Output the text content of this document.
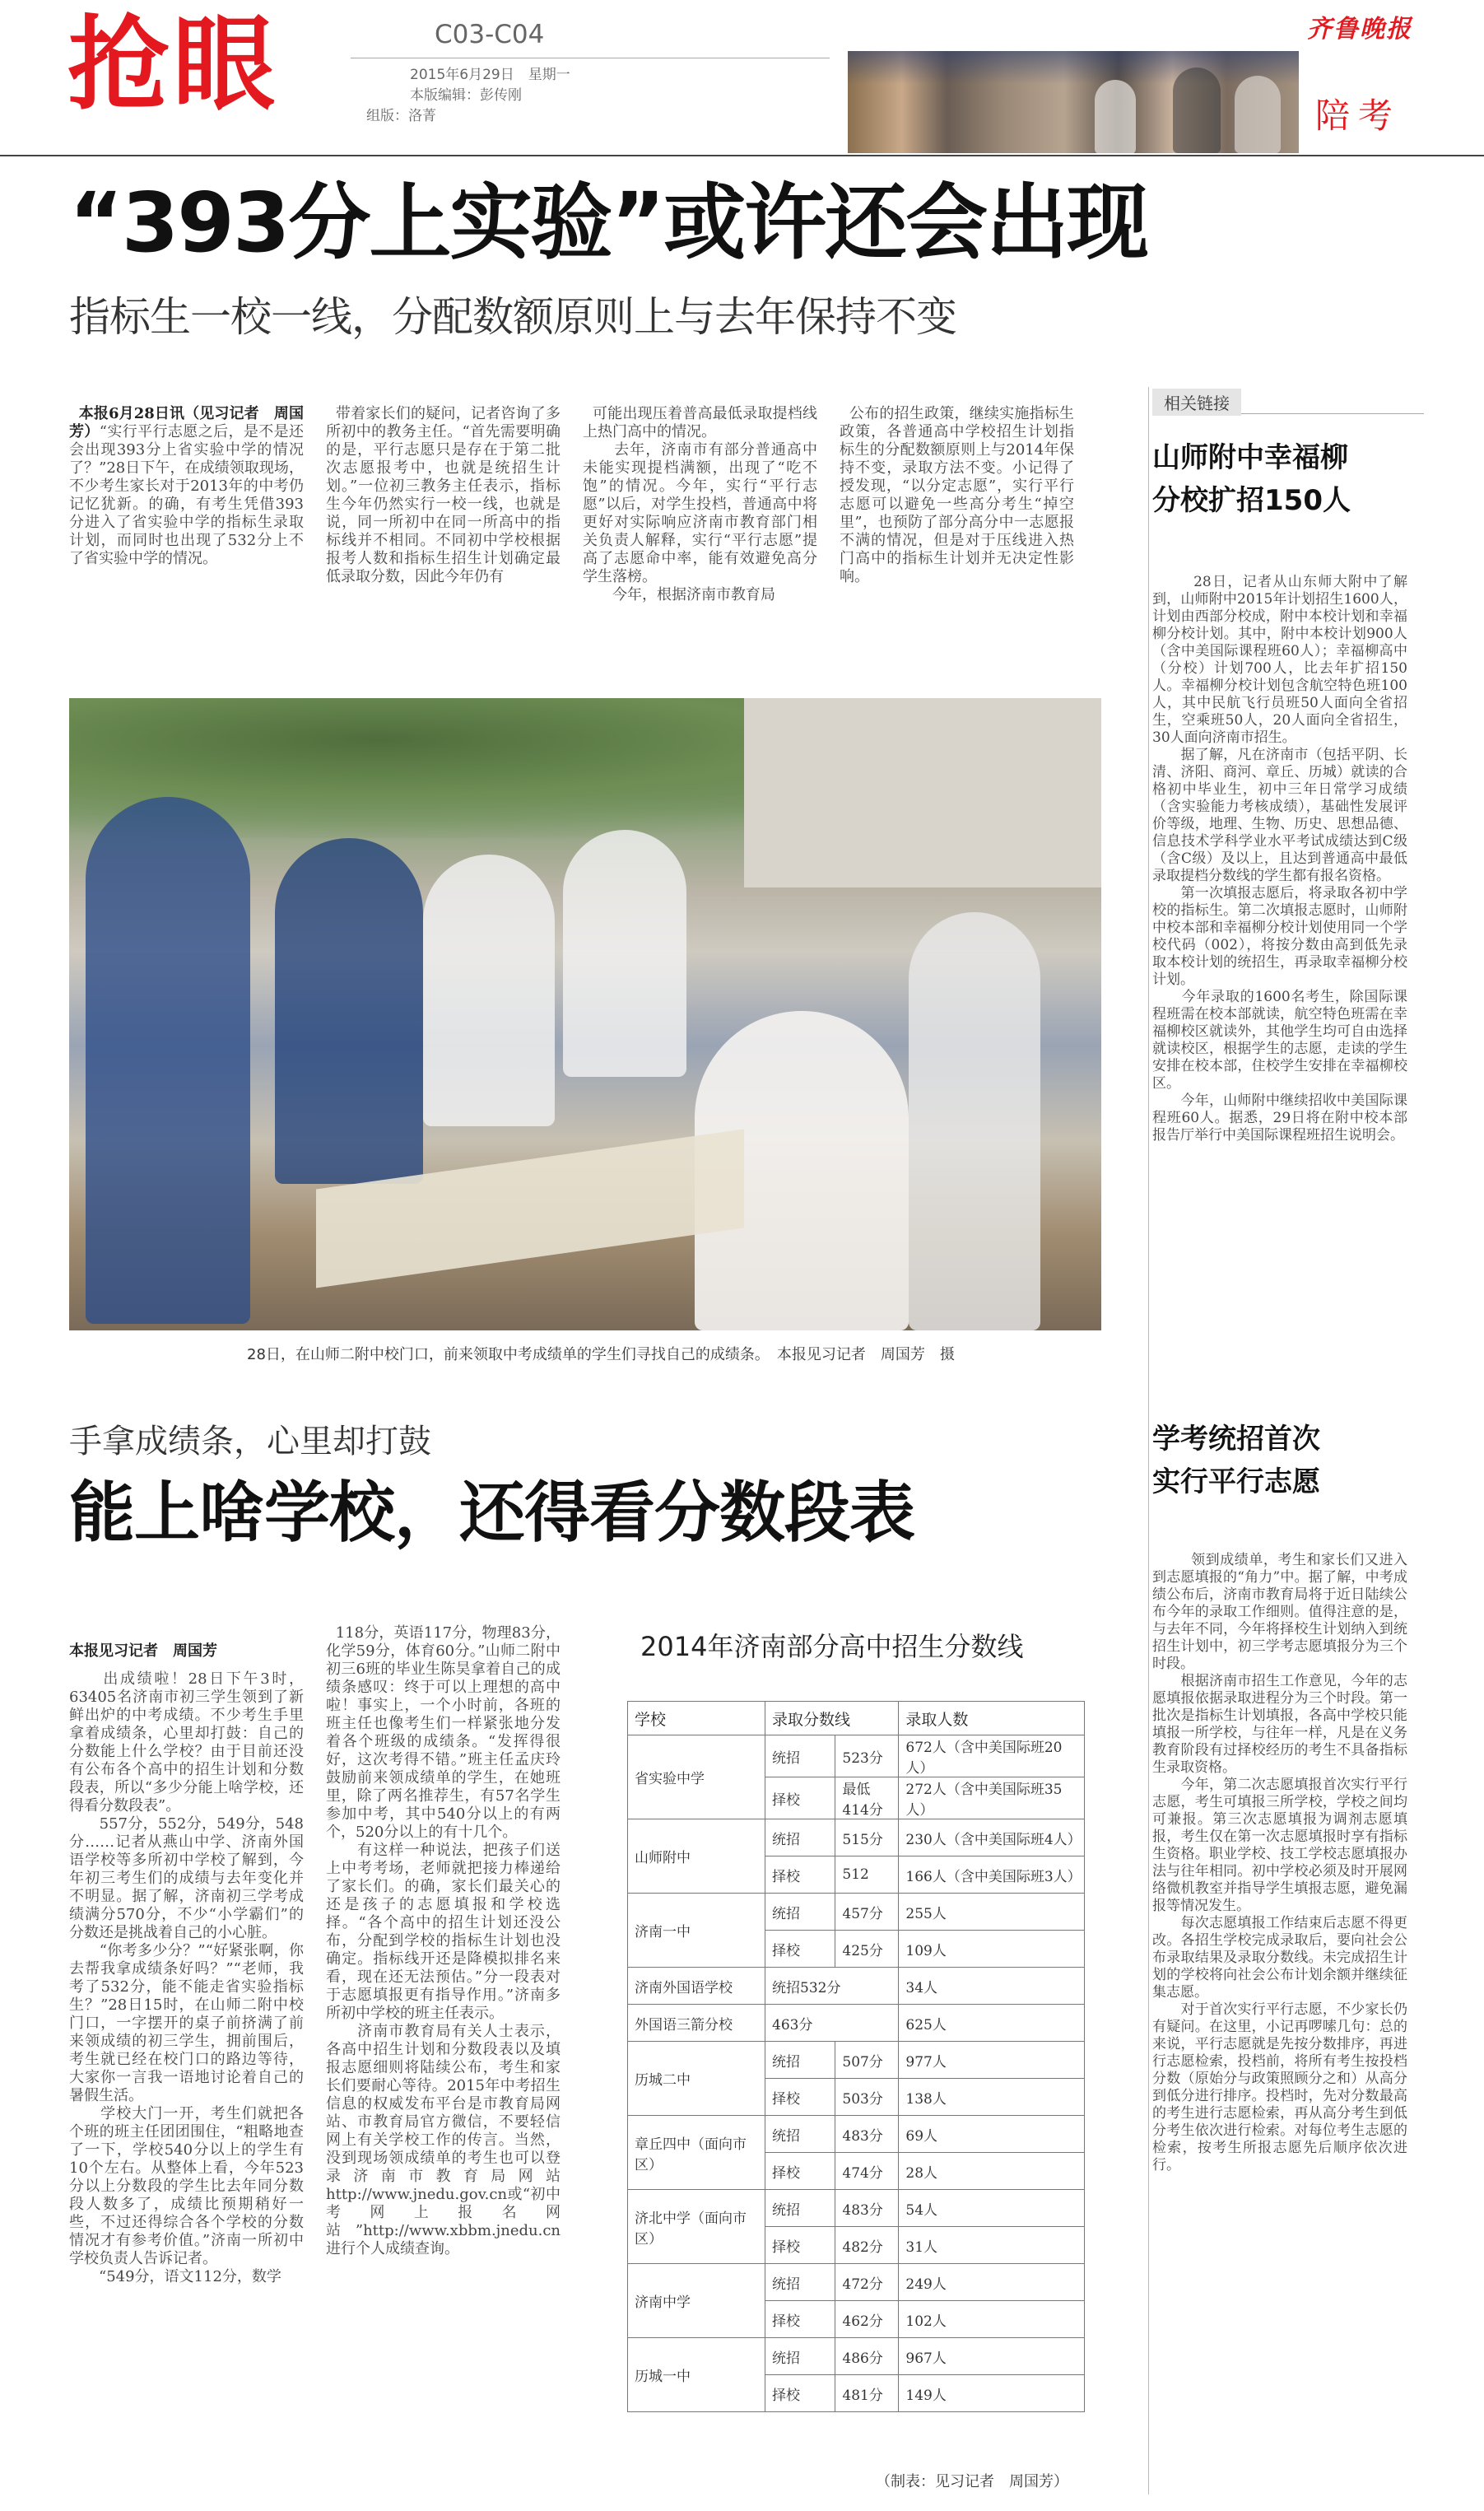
抢眼	C03-C04
2015年6月29日　星期一
本版编辑：彭传刚
组版：洛菁
齐鲁晚报
陪考
“393分上实验”或许还会出现
指标生一校一线，分配数额原则上与去年保持不变

本报6月28日讯（见习记者　周国芳）“实行平行志愿之后，是不是还会出现393分上省实验中学的情况了？”28日下午，在成绩领取现场，不少考生家长对于2013年的中考仍记忆犹新。的确，有考生凭借393分进入了省实验中学的指标生录取计划，而同时也出现了532分上不了省实验中学的情况。

带着家长们的疑问，记者咨询了多所初中的教务主任。“首先需要明确的是，平行志愿只是存在于第二批次志愿报考中，也就是统招生计划。”一位初三教务主任表示，指标生今年仍然实行一校一线，也就是说，同一所初中在同一所高中的指标线并不相同。不同初中学校根据报考人数和指标生招生计划确定最低录取分数，因此今年仍有

可能出现压着普高最低录取提档线上热门高中的情况。
　　去年，济南市有部分普通高中未能实现提档满额，出现了“吃不饱”的情况。今年，实行“平行志愿”以后，对学生投档，普通高中将更好对实际响应济南市教育部门相关负责人解释，实行“平行志愿”提高了志愿命中率，能有效避免高分学生落榜。
　　今年，根据济南市教育局

公布的招生政策，继续实施指标生政策，各普通高中学校招生计划指标生的分配数额原则上与2014年保持不变，录取方法不变。小记得了授发现，“以分定志愿”，实行平行志愿可以避免一些高分考生“掉空里”，也预防了部分高分中一志愿报不满的情况，但是对于压线进入热门高中的指标生计划并无决定性影响。

28日，在山师二附中校门口，前来领取中考成绩单的学生们寻找自己的成绩条。　本报见习记者　周国芳　摄
手拿成绩条，心里却打鼓
能上啥学校，还得看分数段表

本报见习记者　周国芳
　　出成绩啦！28日下午3时，63405名济南市初三学生领到了新鲜出炉的中考成绩。不少考生手里拿着成绩条，心里却打鼓：自己的分数能上什么学校？由于目前还没有公布各个高中的招生计划和分数段表，所以“多少分能上啥学校，还得看分数段表”。
　　557分，552分，549分，548分……记者从燕山中学、济南外国语学校等多所初中学校了解到，今年初三考生们的成绩与去年变化并不明显。据了解，济南初三学考成绩满分570分，不少“小学霸们”的分数还是挑战着自己的小心脏。
　　“你考多少分？”“好紧张啊，你去帮我拿成绩条好吗？”“老师，我考了532分，能不能走省实验指标生？”28日15时，在山师二附中校门口，一字摆开的桌子前挤满了前来领成绩的初三学生，拥前围后，考生就已经在校门口的路边等待，大家你一言我一语地讨论着自己的暑假生活。
　　学校大门一开，考生们就把各个班的班主任团团围住，“粗略地查了一下，学校540分以上的学生有10个左右。从整体上看，今年523分以上分数段的学生比去年同分数段人数多了，成绩比预期稍好一些，不过还得综合各个学校的分数情况才有参考价值。”济南一所初中学校负责人告诉记者。
　　“549分，语文112分，数学

118分，英语117分，物理83分，化学59分，体育60分。”山师二附中初三6班的毕业生陈昊拿着自己的成绩条感叹：终于可以上理想的高中啦！事实上，一个小时前，各班的班主任也像考生们一样紧张地分发着各个班级的成绩条。“发挥得很好，这次考得不错。”班主任孟庆玲鼓励前来领成绩单的学生，在她班里，除了两名推荐生，有57名学生参加中考，其中540分以上的有两个，520分以上的有十几个。
　　有这样一种说法，把孩子们送上中考考场，老师就把接力棒递给了家长们。的确，家长们最关心的还是孩子的志愿填报和学校选择。“各个高中的招生计划还没公布，分配到学校的指标生计划也没确定。指标线开还是降模拟排名来看，现在还无法预估。”分一段表对于志愿填报更有指导作用。”济南多所初中学校的班主任表示。
　　济南市教育局有关人士表示，各高中招生计划和分数段表以及填报志愿细则将陆续公布，考生和家长们要耐心等待。2015年中考招生信息的权威发布平台是市教育局网站、市教育局官方微信，不要轻信网上有关学校工作的传言。当然，没到现场领成绩单的考生也可以登录济南市教育局网站http://www.jnedu.gov.cn或“初中考网上报名网站”http://www.xbbm.jnedu.cn进行个人成绩查询。

2014年济南部分高中招生分数线
学校	录取分数线		录取人数
省实验中学	统招	523分	672人（含中美国际班20人）
	择校	最低414分	272人（含中美国际班35人）
山师附中	统招	515分	230人（含中美国际班4人）
	择校	512	166人（含中美国际班3人）
济南一中	统招	457分	255人
	择校	425分	109人
济南外国语学校	统招532分		34人
外国语三箭分校	463分		625人
历城二中	统招	507分	977人
	择校	503分	138人
章丘四中（面向市区）	统招	483分	69人
	择校	474分	28人
济北中学（面向市区）	统招	483分	54人
	择校	482分	31人
济南中学	统招	472分	249人
	择校	462分	102人
历城一中	统招	486分	967人
	择校	481分	149人
（制表：见习记者　周国芳）
相关链接
山师附中幸福柳
分校扩招150人

　　28日，记者从山东师大附中了解到，山师附中2015年计划招生1600人，计划由西部分校成，附中本校计划和幸福柳分校计划。其中，附中本校计划900人（含中美国际课程班60人）；幸福柳高中（分校）计划700人，比去年扩招150人。幸福柳分校计划包含航空特色班100人，其中民航飞行员班50人面向全省招生，空乘班50人，20人面向全省招生，30人面向济南市招生。
　　据了解，凡在济南市（包括平阴、长清、济阳、商河、章丘、历城）就读的合格初中毕业生，初中三年日常学习成绩（含实验能力考核成绩），基础性发展评价等级，地理、生物、历史、思想品德、信息技术学科学业水平考试成绩达到C级（含C级）及以上，且达到普通高中最低录取提档分数线的学生都有报名资格。
　　第一次填报志愿后，将录取各初中学校的指标生。第二次填报志愿时，山师附中校本部和幸福柳分校计划使用同一个学校代码（002），将按分数由高到低先录取本校计划的统招生，再录取幸福柳分校计划。
　　今年录取的1600名考生，除国际课程班需在校本部就读，航空特色班需在幸福柳校区就读外，其他学生均可自由选择就读校区，根据学生的志愿，走读的学生安排在校本部，住校学生安排在幸福柳校区。
　　今年，山师附中继续招收中美国际课程班60人。据悉，29日将在附中校本部报告厅举行中美国际课程班招生说明会。

学考统招首次
实行平行志愿

　　领到成绩单，考生和家长们又进入到志愿填报的“角力”中。据了解，中考成绩公布后，济南市教育局将于近日陆续公布今年的录取工作细则。值得注意的是，与去年不同，今年将择校生计划纳入到统招生计划中，初三学考志愿填报分为三个时段。
　　根据济南市招生工作意见，今年的志愿填报依据录取进程分为三个时段。第一批次是指标生计划填报，各高中学校只能填报一所学校，与往年一样，凡是在义务教育阶段有过择校经历的考生不具备指标生录取资格。
　　今年，第二次志愿填报首次实行平行志愿，考生可填报三所学校，学校之间均可兼报。第三次志愿填报为调剂志愿填报，考生仅在第一次志愿填报时享有指标生资格。职业学校、技工学校志愿填报办法与往年相同。初中学校必须及时开展网络微机教室并指导学生填报志愿，避免漏报等情况发生。
　　每次志愿填报工作结束后志愿不得更改。各招生学校完成录取后，要向社会公布录取结果及录取分数线。未完成招生计划的学校将向社会公布计划余额并继续征集志愿。
　　对于首次实行平行志愿，不少家长仍有疑问。在这里，小记再啰嗦几句：总的来说，平行志愿就是先按分数排序，再进行志愿检索，投档前，将所有考生按投档分数（原始分与政策照顾分之和）从高分到低分进行排序。投档时，先对分数最高的考生进行志愿检索，再从高分考生到低分考生依次进行检索。对每位考生志愿的检索，按考生所报志愿先后顺序依次进行。
